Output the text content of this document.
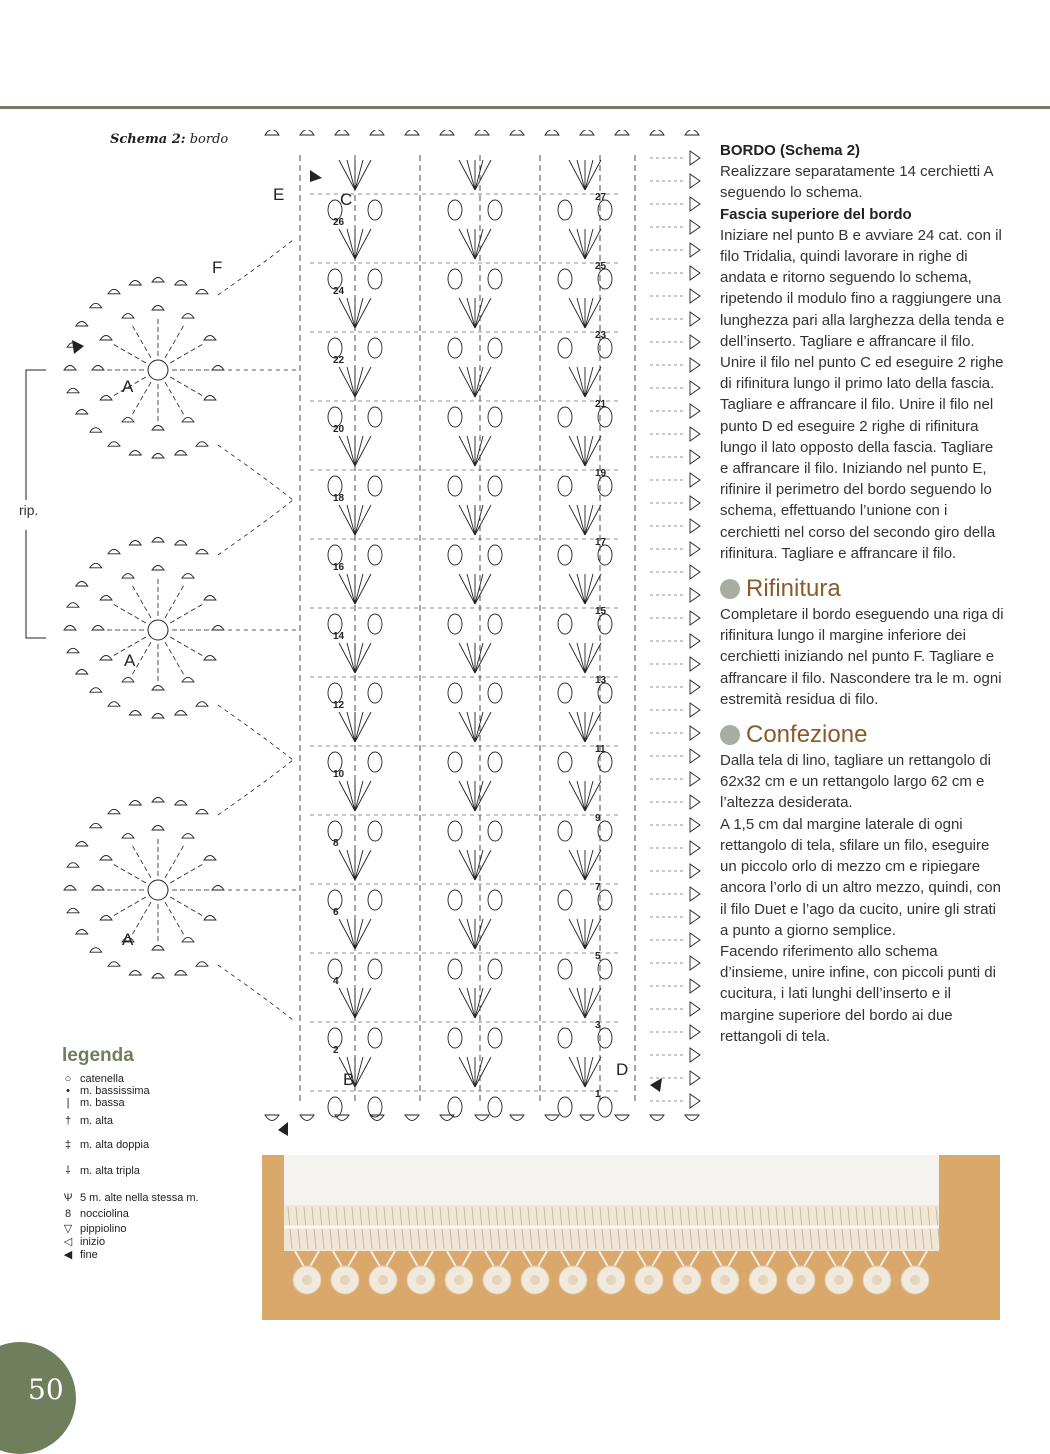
26
24
22
20
18
16
14
12
10
8
6
4
2
27
25
23
21
19
17
15
13
11
9
7
5
3
1
A
A
A
B
C
D
E
F
Schema 2: bordo
rip.
legenda
○ catenella
• m. bassissima
| m. bassa
† m. alta
‡ m. alta doppia
⸸ m. alta tripla
Ѱ 5 m. alte nella stessa m.
8 nocciolina
▽ pippiolino
◁ inizio
◀ fine

BORDO (Schema 2)

Realizzare separatamente 14 cerchietti A seguendo lo schema.

Fascia superiore del bordo

Iniziare nel punto B e avviare 24 cat. con il filo Tridalia, quindi lavorare in righe di andata e ritorno seguendo lo schema, ripetendo il modulo fino a raggiungere una lunghezza pari alla larghezza della tenda e dell’inserto. Tagliare e affrancare il filo. Unire il filo nel punto C ed eseguire 2 righe di rifinitura lungo il primo lato della fascia. Tagliare e affrancare il filo. Unire il filo nel punto D ed eseguire 2 righe di rifinitura lungo il lato opposto della fascia. Tagliare e affrancare il filo. Iniziando nel punto E, rifinire il perimetro del bordo seguendo lo schema, effettuando l’unione con i cerchietti nel corso del secondo giro della rifinitura. Tagliare e affrancare il filo.

Rifinitura

Completare il bordo eseguendo una riga di rifinitura lungo il margine inferiore dei cerchietti iniziando nel punto F. Tagliare e affrancare il filo. Nascondere tra le m. ogni estremità residua di filo.

Confezione

Dalla tela di lino, tagliare un rettangolo di 62x32 cm e un rettangolo largo 62 cm e l’altezza desiderata.

A 1,5 cm dal margine laterale di ogni rettangolo di tela, sfilare un filo, eseguire un piccolo orlo di mezzo cm e ripiegare ancora l’orlo di un altro mezzo, quindi, con il filo Duet e l’ago da cucito, unire gli strati a punto a giorno semplice.

Facendo riferimento allo schema d’insieme, unire infine, con piccoli punti di cucitura, i lati lunghi dell’inserto e il margine superiore del bordo ai due rettangoli di tela.

50
